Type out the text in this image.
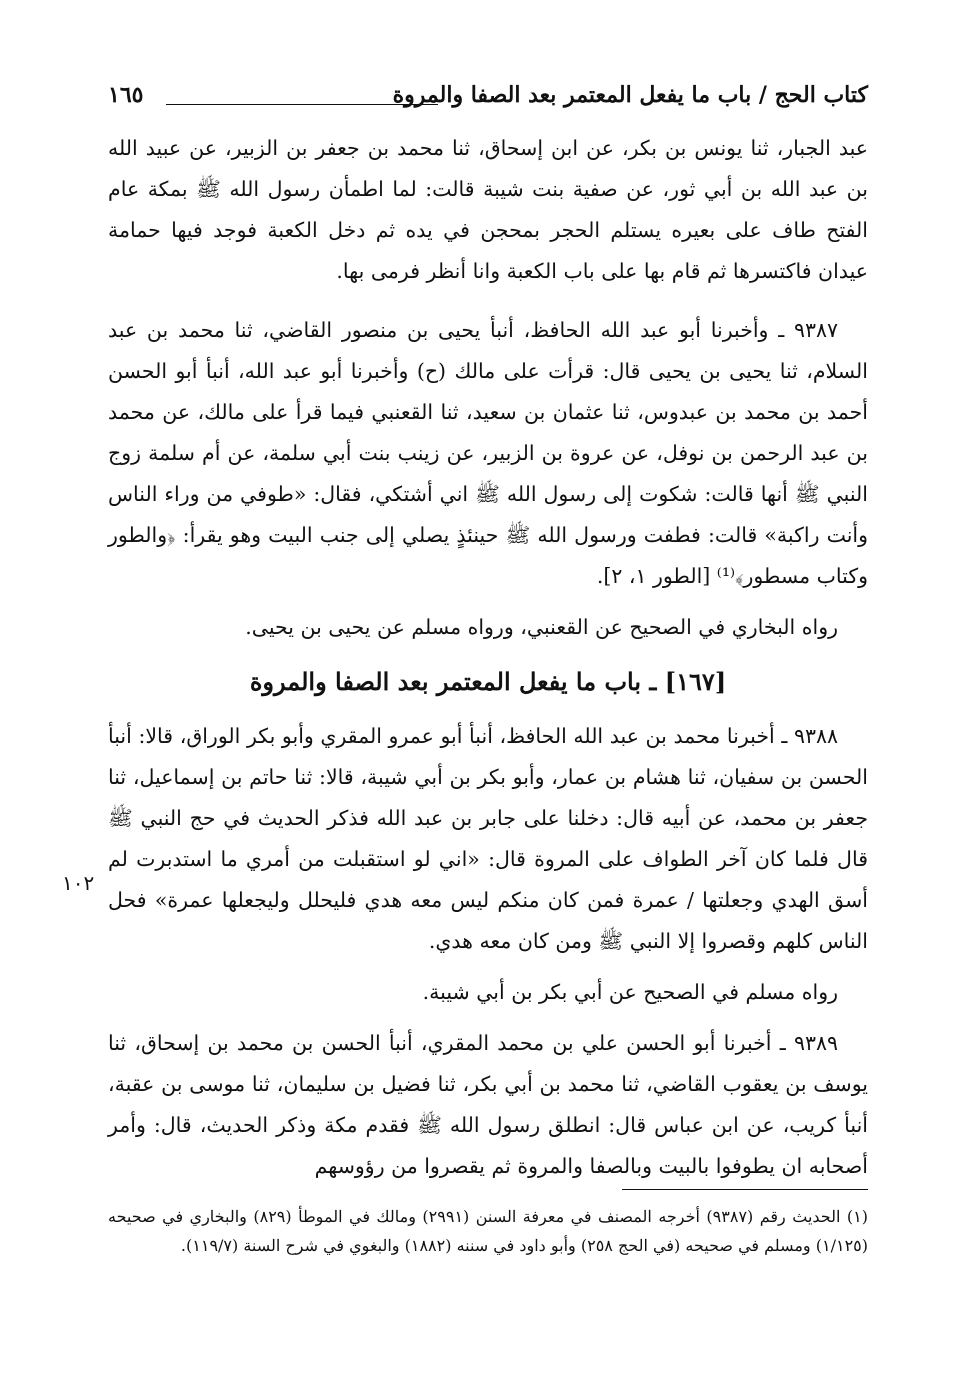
كتاب الحج / باب ما يفعل المعتمر بعد الصفا والمروة
١٦٥

عبد الجبار، ثنا يونس بن بكر، عن ابن إسحاق، ثنا محمد بن جعفر بن الزبير، عن عبيد الله بن عبد الله بن أبي ثور، عن صفية بنت شيبة قالت: لما اطمأن رسول الله ﷺ بمكة عام الفتح طاف على بعيره يستلم الحجر بمحجن في يده ثم دخل الكعبة فوجد فيها حمامة عيدان فاكتسرها ثم قام بها على باب الكعبة وانا أنظر فرمى بها.

٩٣٨٧ ـ وأخبرنا أبو عبد الله الحافظ، أنبأ يحيى بن منصور القاضي، ثنا محمد بن عبد السلام، ثنا يحيى بن يحيى قال: قرأت على مالك (ح) وأخبرنا أبو عبد الله، أنبأ أبو الحسن أحمد بن محمد بن عبدوس، ثنا عثمان بن سعيد، ثنا القعنبي فيما قرأ على مالك، عن محمد بن عبد الرحمن بن نوفل، عن عروة بن الزبير، عن زينب بنت أبي سلمة، عن أم سلمة زوج النبي ﷺ أنها قالت: شكوت إلى رسول الله ﷺ اني أشتكي، فقال: «طوفي من وراء الناس وأنت راكبة» قالت: فطفت ورسول الله ﷺ حينئذٍ يصلي إلى جنب البيت وهو يقرأ: ﴿والطور وكتاب مسطور﴾⁽¹⁾ [الطور ١، ٢].

رواه البخاري في الصحيح عن القعنبي، ورواه مسلم عن يحيى بن يحيى.

[١٦٧] ـ باب ما يفعل المعتمر بعد الصفا والمروة

٩٣٨٨ ـ أخبرنا محمد بن عبد الله الحافظ، أنبأ أبو عمرو المقري وأبو بكر الوراق، قالا: أنبأ الحسن بن سفيان، ثنا هشام بن عمار، وأبو بكر بن أبي شيبة، قالا: ثنا حاتم بن إسماعيل، ثنا جعفر بن محمد، عن أبيه قال: دخلنا على جابر بن عبد الله فذكر الحديث في حج النبي ﷺ قال فلما كان آخر الطواف على المروة قال: «اني لو استقبلت من أمري ما استدبرت لم أسق الهدي وجعلتها / عمرة فمن كان منكم ليس معه هدي فليحلل وليجعلها عمرة» فحل الناس كلهم وقصروا إلا النبي ﷺ ومن كان معه هدي.

رواه مسلم في الصحيح عن أبي بكر بن أبي شيبة.

٩٣٨٩ ـ أخبرنا أبو الحسن علي بن محمد المقري، أنبأ الحسن بن محمد بن إسحاق، ثنا يوسف بن يعقوب القاضي، ثنا محمد بن أبي بكر، ثنا فضيل بن سليمان، ثنا موسى بن عقبة، أنبأ كريب، عن ابن عباس قال: انطلق رسول الله ﷺ فقدم مكة وذكر الحديث، قال: وأمر أصحابه ان يطوفوا بالبيت وبالصفا والمروة ثم يقصروا من رؤوسهم

١٠٢

(١) الحديث رقم (٩٣٨٧) أخرجه المصنف في معرفة السنن (٢٩٩١) ومالك في الموطأ (٨٢٩) والبخاري في صحيحه (١/١٢٥) ومسلم في صحيحه (في الحج ٢٥٨) وأبو داود في سننه (١٨٨٢) والبغوي في شرح السنة (١١٩/٧).
